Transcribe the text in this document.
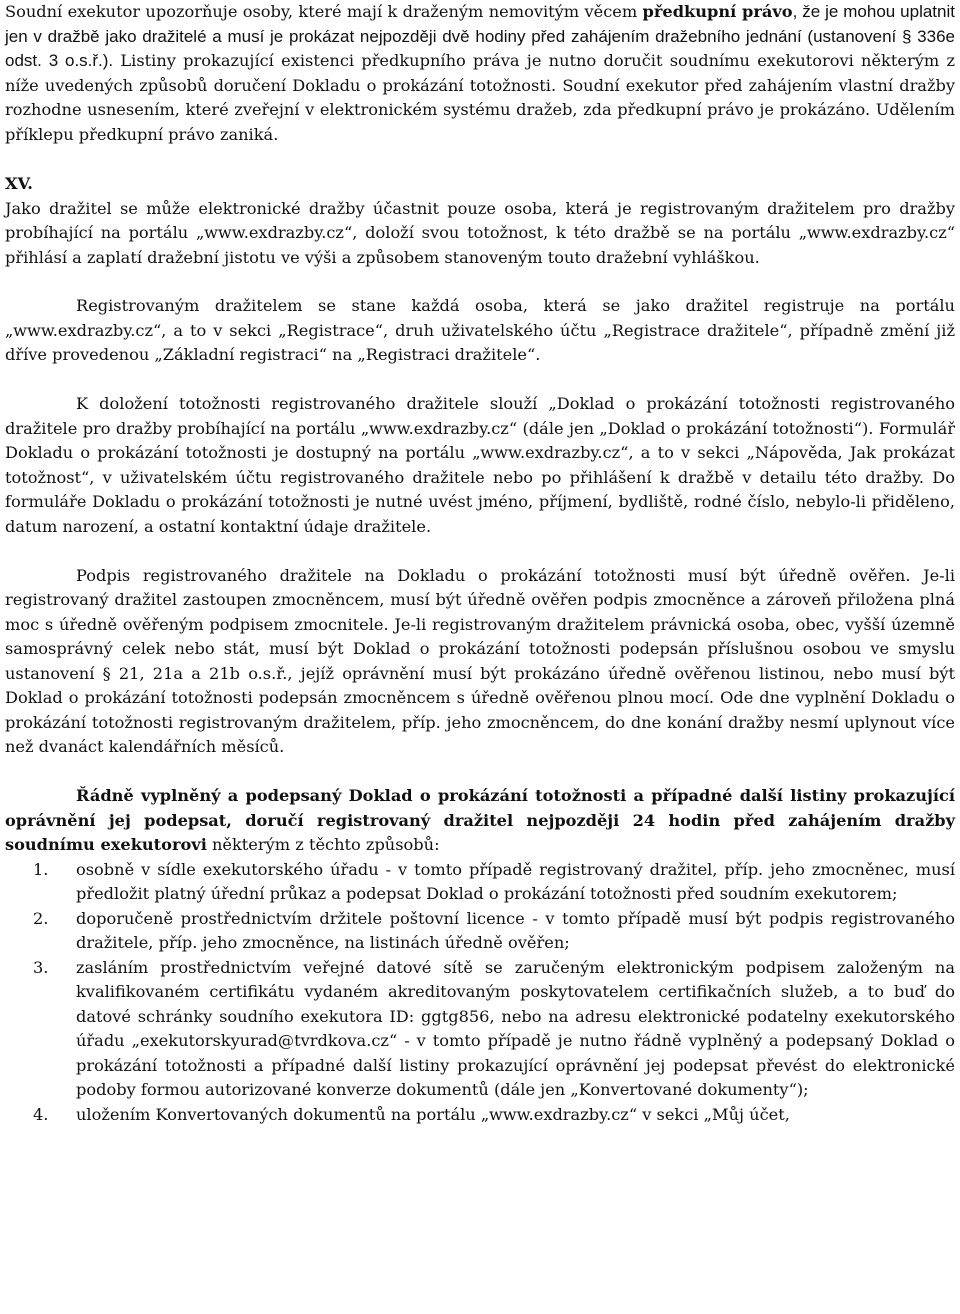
Soudní exekutor upozorňuje osoby, které mají k draženým nemovitým věcem předkupní právo, že je mohou uplatnit jen v dražbě jako dražitelé a musí je prokázat nejpozději dvě hodiny před zahájením dražebního jednání (ustanovení § 336e odst. 3 o.s.ř.). Listiny prokazující existenci předkupního práva je nutno doručit soudnímu exekutorovi některým z níže uvedených způsobů doručení Dokladu o prokázání totožnosti. Soudní exekutor před zahájením vlastní dražby rozhodne usnesením, které zveřejní v elektronickém systému dražeb, zda předkupní právo je prokázáno. Udělením příklepu předkupní právo zaniká.

XV.

Jako dražitel se může elektronické dražby účastnit pouze osoba, která je registrovaným dražitelem pro dražby probíhající na portálu „www.exdrazby.cz“, doloží svou totožnost, k této dražbě se na portálu „www.exdrazby.cz“ přihlásí a zaplatí dražební jistotu ve výši a způsobem stanoveným touto dražební vyhláškou.

Registrovaným dražitelem se stane každá osoba, která se jako dražitel registruje na portálu „www.exdrazby.cz“, a to v sekci „Registrace“, druh uživatelského účtu „Registrace dražitele“, případně změní již dříve provedenou „Základní registraci“ na „Registraci dražitele“.

K doložení totožnosti registrovaného dražitele slouží „Doklad o prokázání totožnosti registrovaného dražitele pro dražby probíhající na portálu „www.exdrazby.cz“ (dále jen „Doklad o prokázání totožnosti“). Formulář Dokladu o prokázání totožnosti je dostupný na portálu „www.exdrazby.cz“, a to v sekci „Nápověda, Jak prokázat totožnost“, v uživatelském účtu registrovaného dražitele nebo po přihlášení k dražbě v detailu této dražby. Do formuláře Dokladu o prokázání totožnosti je nutné uvést jméno, příjmení, bydliště, rodné číslo, nebylo-li přiděleno, datum narození, a ostatní kontaktní údaje dražitele.

Podpis registrovaného dražitele na Dokladu o prokázání totožnosti musí být úředně ověřen. Je-li registrovaný dražitel zastoupen zmocněncem, musí být úředně ověřen podpis zmocněnce a zároveň přiložena plná moc s úředně ověřeným podpisem zmocnitele. Je-li registrovaným dražitelem právnická osoba, obec, vyšší územně samosprávný celek nebo stát, musí být Doklad o prokázání totožnosti podepsán příslušnou osobou ve smyslu ustanovení § 21, 21a a 21b o.s.ř., jejíž oprávnění musí být prokázáno úředně ověřenou listinou, nebo musí být Doklad o prokázání totožnosti podepsán zmocněncem s úředně ověřenou plnou mocí. Ode dne vyplnění Dokladu o prokázání totožnosti registrovaným dražitelem, příp. jeho zmocněncem, do dne konání dražby nesmí uplynout více než dvanáct kalendářních měsíců.

Řádně vyplněný a podepsaný Doklad o prokázání totožnosti a případné další listiny prokazující oprávnění jej podepsat, doručí registrovaný dražitel nejpozději 24 hodin před zahájením dražby soudnímu exekutorovi některým z těchto způsobů:

1. osobně v sídle exekutorského úřadu - v tomto případě registrovaný dražitel, příp. jeho zmocněnec, musí předložit platný úřední průkaz a podepsat Doklad o prokázání totožnosti před soudním exekutorem;
2. doporučeně prostřednictvím držitele poštovní licence - v tomto případě musí být podpis registrovaného dražitele, příp. jeho zmocněnce, na listinách úředně ověřen;
3. zasláním prostřednictvím veřejné datové sítě se zaručeným elektronickým podpisem založeným na kvalifikovaném certifikátu vydaném akreditovaným poskytovatelem certifikačních služeb, a to buď do datové schránky soudního exekutora ID: ggtg856, nebo na adresu elektronické podatelny exekutorského úřadu „exekutorskyurad@tvrdkova.cz“ - v tomto případě je nutno řádně vyplněný a podepsaný Doklad o prokázání totožnosti a případné další listiny prokazující oprávnění jej podepsat převést do elektronické podoby formou autorizované konverze dokumentů (dále jen „Konvertované dokumenty“);
4. uložením Konvertovaných dokumentů na portálu „www.exdrazby.cz“ v sekci „Můj účet,
